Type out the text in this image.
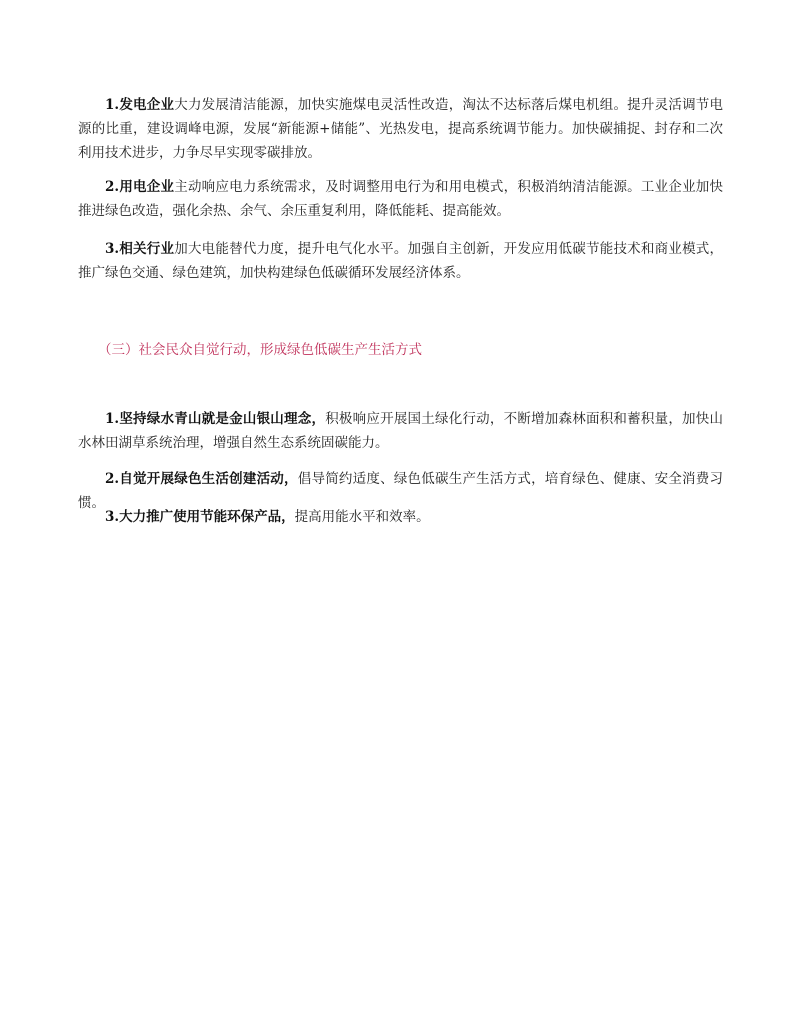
1.发电企业大力发展清洁能源，加快实施煤电灵活性改造，淘汰不达标落后煤电机组。提升灵活调节电源的比重，建设调峰电源，发展“新能源+储能”、光热发电，提高系统调节能力。加快碳捕捉、封存和二次利用技术进步，力争尽早实现零碳排放。

2.用电企业主动响应电力系统需求，及时调整用电行为和用电模式，积极消纳清洁能源。工业企业加快推进绿色改造，强化余热、余气、余压重复利用，降低能耗、提高能效。

3.相关行业加大电能替代力度，提升电气化水平。加强自主创新，开发应用低碳节能技术和商业模式，推广绿色交通、绿色建筑，加快构建绿色低碳循环发展经济体系。

（三）社会民众自觉行动，形成绿色低碳生产生活方式

1.坚持绿水青山就是金山银山理念，积极响应开展国土绿化行动，不断增加森林面积和蓄积量，加快山水林田湖草系统治理，增强自然生态系统固碳能力。

2.自觉开展绿色生活创建活动，倡导简约适度、绿色低碳生产生活方式，培育绿色、健康、安全消费习惯。

3.大力推广使用节能环保产品，提高用能水平和效率。
